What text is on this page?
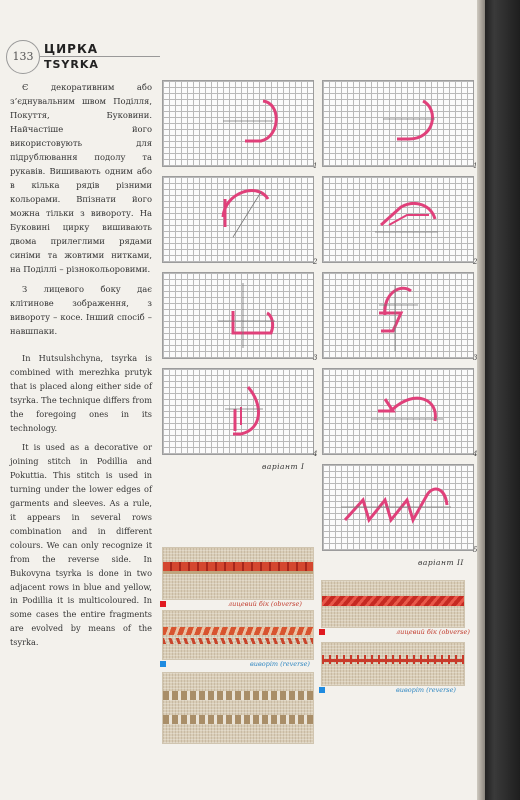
133
ЦИРКА
TSYRKA

Є декоративним або з’єднувальним швом Поділля, Покуття, Буковини. Найчастіше його використовують для підрублювання подолу та рукавів. Вишивають одним або в кілька рядів різними кольорами. Впізнати його можна тільки з вивороту. На Буковині цирку вишивають двома прилеглими рядами синіми та жовтими нитками, на Поділлі – різнокольоровими.

З лицевого боку дає клітинове зображення, з вивороту – косе. Інший спосіб – навшпаки.

In Hutsulshchyna, tsyrka is combined with merezhka prutyk that is placed along either side of tsyrka. The technique differs from the foregoing ones in its technology.

It is used as a decorative or joining stitch in Podillia and Pokuttia. This stitch is used in turning under the lower edges of garments and sleeves. As a rule, it appears in several rows combination and in different colours. We can only recognize it from the reverse side. In Bukovyna tsyrka is done in two adjacent rows in blue and yellow, in Podillia it is multicoloured. In some cases the entire fragments are evolved by means of the tsyrka.

1
2
3
4
варіант І
1
2
3
4
5
варіант ІІ
лицевий бік (obverse)
виворіт (reverse)
лицевий бік (obverse)
виворіт (reverse)
